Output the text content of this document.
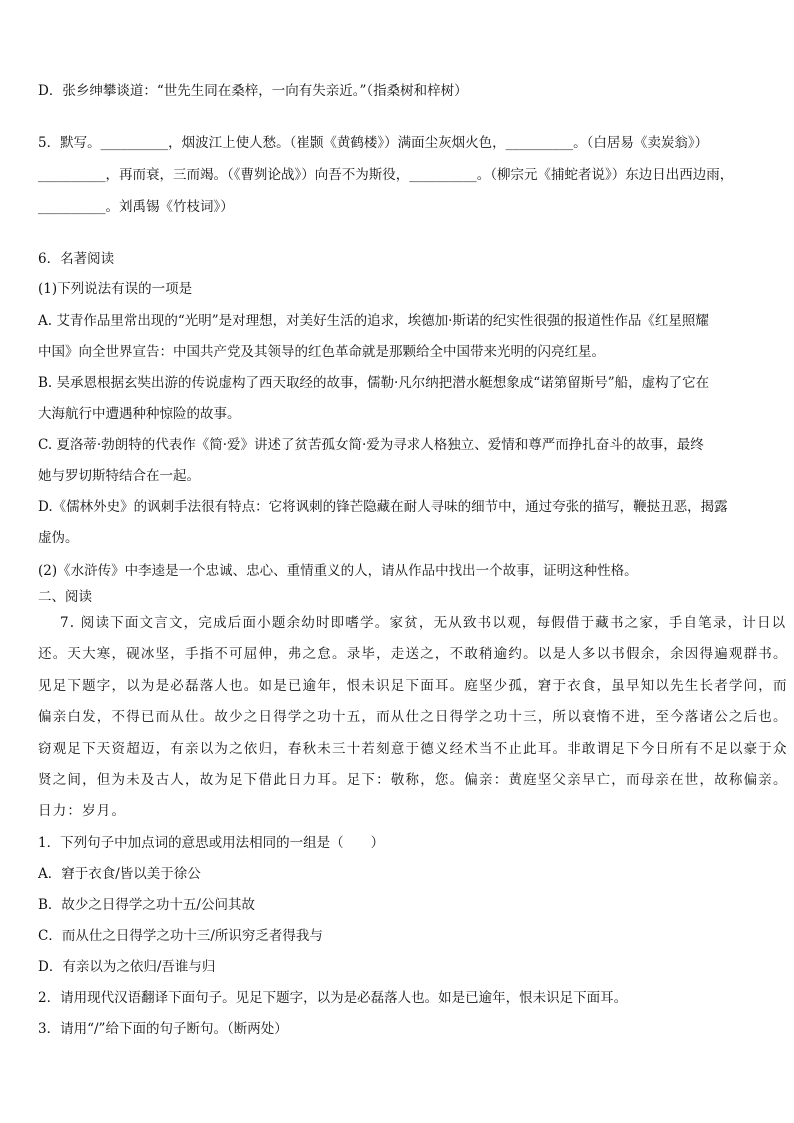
D．张乡绅攀谈道：“世先生同在桑梓，一向有失亲近。”（指桑树和梓树）
5．默写。__________，烟波江上使人愁。（崔颢《黄鹤楼》）满面尘灰烟火色，__________。（白居易《卖炭翁》）
__________，再而衰，三而竭。（《曹刿论战》）向吾不为斯役，__________。（柳宗元《捕蛇者说》）东边日出西边雨，
__________。刘禹锡《竹枝词》）
6．名著阅读
(1)下列说法有误的一项是
A. 艾青作品里常出现的“光明”是对理想，对美好生活的追求，埃德加·斯诺的纪实性很强的报道性作品《红星照耀
中国》向全世界宣告：中国共产党及其领导的红色革命就是那颗给全中国带来光明的闪亮红星。
B. 吴承恩根据玄奘出游的传说虚构了西天取经的故事，儒勒·凡尔纳把潜水艇想象成“诺第留斯号”船，虚构了它在
大海航行中遭遇种种惊险的故事。
C. 夏洛蒂·勃朗特的代表作《简·爱》讲述了贫苦孤女简·爱为寻求人格独立、爱情和尊严而挣扎奋斗的故事，最终
她与罗切斯特结合在一起。
D.《儒林外史》的讽刺手法很有特点：它将讽刺的锋芒隐藏在耐人寻味的细节中，通过夸张的描写，鞭挞丑恶，揭露
虚伪。
(2)《水浒传》中李逵是一个忠诚、忠心、重情重义的人，请从作品中找出一个故事，证明这种性格。
二、阅读
7. 阅读下面文言文，完成后面小题余幼时即嗜学。家贫，无从致书以观，每假借于藏书之家，手自笔录，计日以
还。天大寒，砚冰坚，手指不可屈伸，弗之怠。录毕，走送之，不敢稍逾约。以是人多以书假余，余因得遍观群书。
见足下题字，以为是必磊落人也。如是已逾年，恨未识足下面耳。庭坚少孤，窘于衣食，虽早知以先生长者学问，而
偏亲白发，不得已而从仕。故少之日得学之功十五，而从仕之日得学之功十三，所以衰惰不进，至今落诸公之后也。
窃观足下天资超迈，有亲以为之依归，春秋未三十若刻意于德义经术当不止此耳。非敢谓足下今日所有不足以豪于众
贤之间，但为未及古人，故为足下借此日力耳。足下：敬称，您。偏亲：黄庭坚父亲早亡，而母亲在世，故称偏亲。
日力：岁月。
1．下列句子中加点词的意思或用法相同的一组是（　　）
A．窘于衣食/皆以美于徐公
B．故少之日得学之功十五/公问其故
C．而从仕之日得学之功十三/所识穷乏者得我与
D．有亲以为之依归/吾谁与归
2．请用现代汉语翻译下面句子。见足下题字，以为是必磊落人也。如是已逾年，恨未识足下面耳。
3．请用“/”给下面的句子断句。（断两处）
